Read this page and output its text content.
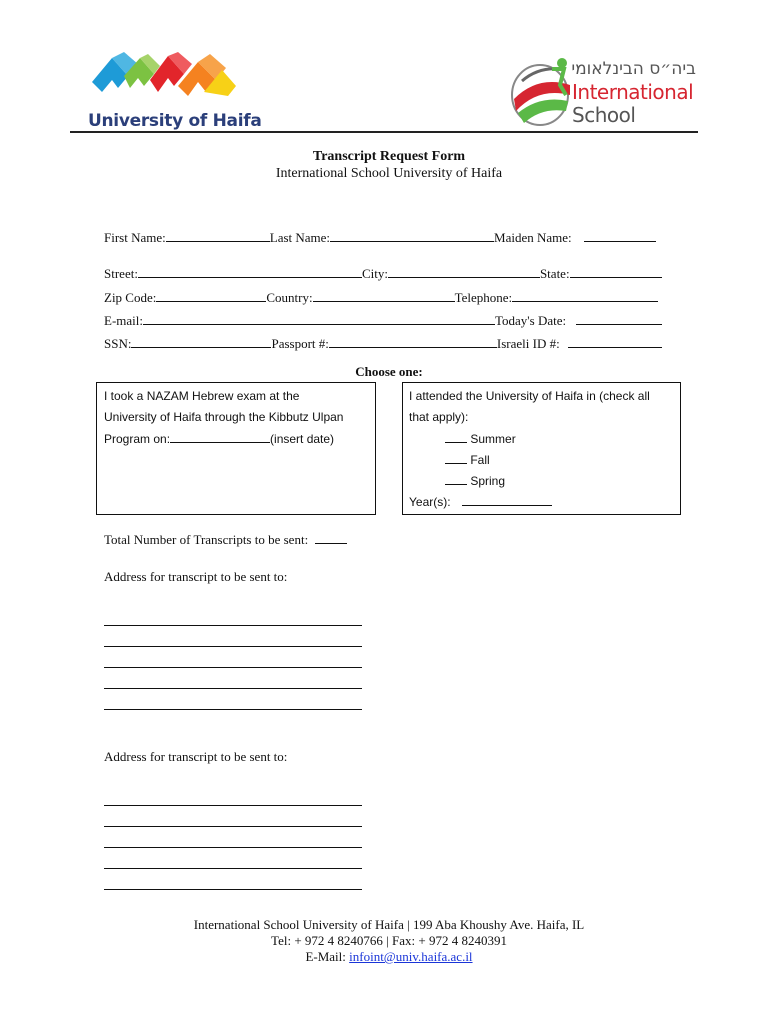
University of Haifa
ביה״ס הבינלאומי
International
School
Transcript Request Form
International School University of Haifa
First Name:	Last Name:	Maiden Name:
Street:	City:	State:
Zip Code:	Country:	Telephone:
E-mail:	Today's Date:
SSN:	Passport #:	Israeli ID #:
Choose one:
I took a NAZAM Hebrew exam at the
University of Haifa through the Kibbutz Ulpan
Program on:	(insert date)
I attended the University of Haifa in (check all
that apply):
Summer
Fall
Spring
Year(s):
Total Number of Transcripts to be sent:
Address for transcript to be sent to:
Address for transcript to be sent to:
International School University of Haifa | 199 Aba Khoushy Ave. Haifa, IL
Tel: + 972 4 8240766 | Fax: + 972 4 8240391
E-Mail: infoint@univ.haifa.ac.il
